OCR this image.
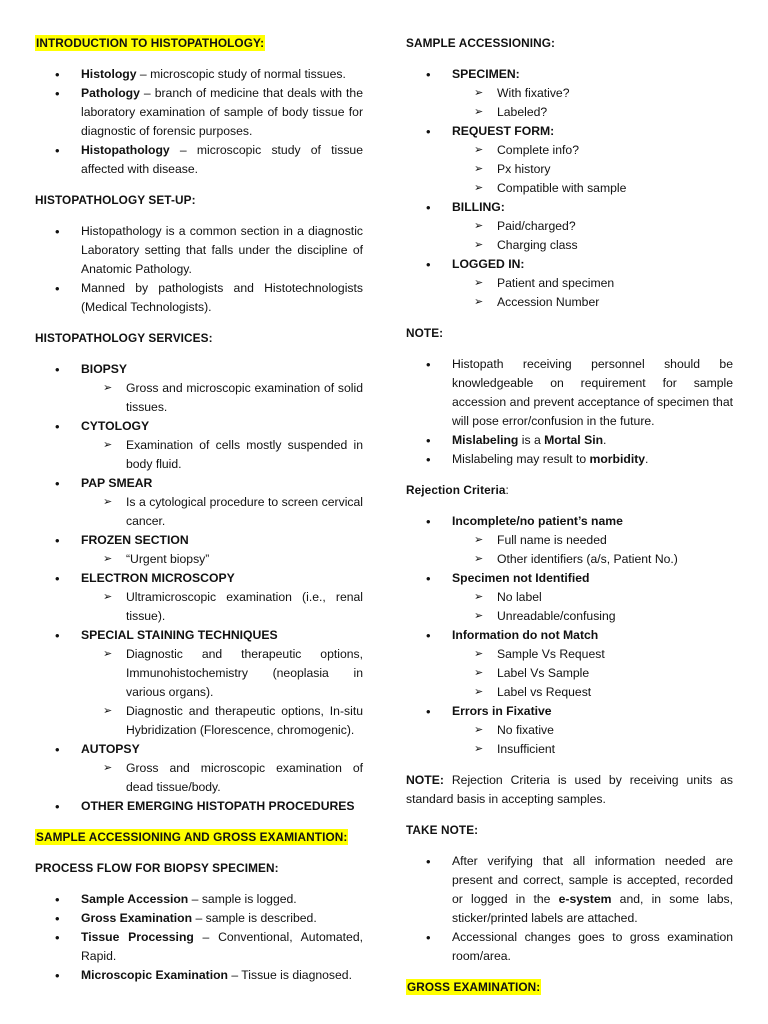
INTRODUCTION TO HISTOPATHOLOGY:

• Histology – microscopic study of normal tissues.
• Pathology – branch of medicine that deals with the laboratory examination of sample of body tissue for diagnostic of forensic purposes.
• Histopathology – microscopic study of tissue affected with disease.

HISTOPATHOLOGY SET-UP:

• Histopathology is a common section in a diagnostic Laboratory setting that falls under the discipline of Anatomic Pathology.
• Manned by pathologists and Histotechnologists (Medical Technologists).

HISTOPATHOLOGY SERVICES:

• BIOPSY
➢ Gross and microscopic examination of solid tissues.
• CYTOLOGY
➢ Examination of cells mostly suspended in body fluid.
• PAP SMEAR
➢ Is a cytological procedure to screen cervical cancer.
• FROZEN SECTION
➢ “Urgent biopsy”
• ELECTRON MICROSCOPY
➢ Ultramicroscopic examination (i.e., renal tissue).
• SPECIAL STAINING TECHNIQUES
➢ Diagnostic and therapeutic options, Immunohistochemistry (neoplasia in various organs).
➢ Diagnostic and therapeutic options, In-situ Hybridization (Florescence, chromogenic).
• AUTOPSY
➢ Gross and microscopic examination of dead tissue/body.
• OTHER EMERGING HISTOPATH PROCEDURES

SAMPLE ACCESSIONING AND GROSS EXAMIANTION:

PROCESS FLOW FOR BIOPSY SPECIMEN:

• Sample Accession – sample is logged.
• Gross Examination – sample is described.
• Tissue Processing – Conventional, Automated, Rapid.
• Microscopic Examination – Tissue is diagnosed.

SAMPLE ACCESSIONING:

• SPECIMEN:
➢ With fixative?
➢ Labeled?
• REQUEST FORM:
➢ Complete info?
➢ Px history
➢ Compatible with sample
• BILLING:
➢ Paid/charged?
➢ Charging class
• LOGGED IN:
➢ Patient and specimen
➢ Accession Number

NOTE:

• Histopath receiving personnel should be knowledgeable on requirement for sample accession and prevent acceptance of specimen that will pose error/confusion in the future.
• Mislabeling is a Mortal Sin.
• Mislabeling may result to morbidity.

Rejection Criteria:

• Incomplete/no patient’s name
➢ Full name is needed
➢ Other identifiers (a/s, Patient No.)
• Specimen not Identified
➢ No label
➢ Unreadable/confusing
• Information do not Match
➢ Sample Vs Request
➢ Label Vs Sample
➢ Label vs Request
• Errors in Fixative
➢ No fixative
➢ Insufficient

NOTE: Rejection Criteria is used by receiving units as standard basis in accepting samples.

TAKE NOTE:

• After verifying that all information needed are present and correct, sample is accepted, recorded or logged in the e-system and, in some labs, sticker/printed labels are attached.
• Accessional changes goes to gross examination room/area.

GROSS EXAMINATION:
